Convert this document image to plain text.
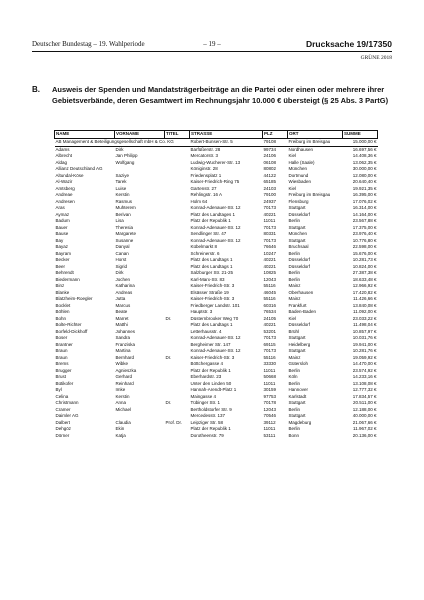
Deutscher Bundestag – 19. Wahlperiode	– 19 –	Drucksache 19/17350
GRÜNE 2018
B. Ausweis der Spenden und Mandatsträgerbeiträge an die Partei oder einen oder mehrere ihrer Gebietsverbände, deren Gesamtwert im Rechnungsjahr 10.000 € übersteigt (§ 25 Abs. 3 PartG)
NAME	VORNAME	TITEL	STRASSE	PLZ	ORT	SUMME
AB Management & Beteiligungsgesellschaft mbH & Co. KG			Robert-Bunsen-Str. 5	79108	Freiburg im Breisgau	15.000,00 €
Adams	Dirk		Barfüßerstr. 28	99734	Nordhausen	16.697,56 €
Albrecht	Jan Philipp		Mercatorstr. 3	24106	Kiel	14.408,36 €
Aldag	Wolfgang		Ludwig-Wucherer-Str. 13	06108	Halle (Saale)	13.062,35 €
Allianz Deutschland AG			Königinstr. 28	80802	München	30.000,00 €
Altundal-Köse	Saziye		Friedensplatz 1	44122	Dortmund	12.080,00 €
Al-Wazir	Tarek		Kaiser-Friedrich-Ring 75	65185	Wiesbaden	20.640,40 €
Amtsberg	Luise		Gartenstr. 27	24103	Kiel	19.921,35 €
Andreae	Kerstin		Rehlingstr. 16 A	79100	Freiburg im Breisgau	16.395,00 €
Andresen	Rasmus		Holm 64	24937	Flensburg	17.076,02 €
Aras	Muhterem		Konrad-Adenauer-Str. 12	70173	Stuttgart	16.314,00 €
Aymaz	Berivan		Platz des Landtages 1	40221	Düsseldorf	14.164,00 €
Badum	Lisa		Platz der Republik 1	11011	Berlin	23.567,88 €
Bauer	Theresia		Konrad-Adenauer-Str. 12	70173	Stuttgart	17.375,00 €
Bause	Margarete		Sendlinger Str. 47	80331	München	23.976,40 €
Bay	Susanne		Konrad-Adenauer-Str. 12	70173	Stuttgart	10.776,80 €
Bayaz	Danyal		Kübelmarkt 8	76646	Bruchsaal	22.598,00 €
Bayram	Canan		Schreinerstr. 6	10247	Berlin	15.676,00 €
Becker	Horst		Platz des Landtags 1	40221	Düsseldorf	10.281,73 €
Beer	Sigrid		Platz des Landtags 1	40221	Düsseldorf	10.824,00 €
Behrendt	Dirk		Salzburger Str. 21-25	10825	Berlin	27.387,38 €
Biedermann	Jochen		Karl-Marx-Str. 83	12043	Berlin	18.633,48 €
Binz	Katharina		Kaiser-Friedrich-Str. 3	55116	Mainz	12.966,92 €
Blanke	Andreas		Elsässer Straße 19	46045	Oberhausen	17.420,82 €
Blatzheim-Roegler	Jutta		Kaiser-Friedrich-Str. 3	55116	Mainz	11.426,66 €
Bocklet	Marcus		Friedberger Landstr. 101	60316	Frankfurt	13.840,08 €
Böhlen	Beate		Hauptstr. 3	76534	Baden-Baden	11.092,00 €
Bohn	Marret	Dr.	Düsternbrooker Weg 70	24105	Kiel	23.033,22 €
Bolte-Richter	Matthi		Platz des Landtags 1	40221	Düsseldorf	11.498,04 €
Borfeld-Dickhoff	Johannes		Letterhausstr. 4	53201	Brühl	10.857,97 €
Boser	Sandra		Konrad-Adenauer-Str. 12	70173	Stuttgart	10.031,76 €
Brantner	Franziska		Bergheimer Str. 147	69115	Heidelberg	19.941,00 €
Braun	Martina		Konrad-Adenauer-Str. 12	70173	Stuttgart	10.281,76 €
Braun	Bernhard	Dr.	Kaiser-Friedrich-Str. 3	55116	Mainz	19.059,92 €
Brems	Wibke		Böttchergasse 4	33330	Gütersloh	14.470,00 €
Brugger	Agnieszka		Platz der Republik 1	11011	Berlin	23.574,92 €
Brust	Gerhard		Eberhardstr. 23	50668	Köln	14.233,16 €
Bütikofer	Reinhard		Unter den Linden 50	11011	Berlin	13.108,08 €
Byl	Imke		Hannah-Arendt-Platz 1	30159	Hannover	12.777,32 €
Celina	Kerstin		Maingasse 4	97753	Karlstadt	17.834,57 €
Christmann	Anna	Dr.	Tübinger Str. 1	70178	Stuttgart	20.511,00 €
Cramer	Michael		Bertholdstorfer Str. 9	12043	Berlin	12.188,00 €
Daimler AG			Mercedesstr. 137	70546	Stuttgart	40.000,00 €
Dalbert	Claudia	Prof. Dr.	Leipziger Str. 58	39112	Magdeburg	21.067,66 €
Dehgöz	Ekin		Platz der Republik 1	11011	Berlin	11.967,02 €
Dörner	Katja		Dorotheenstr. 79	53111	Bonn	20.136,00 €
